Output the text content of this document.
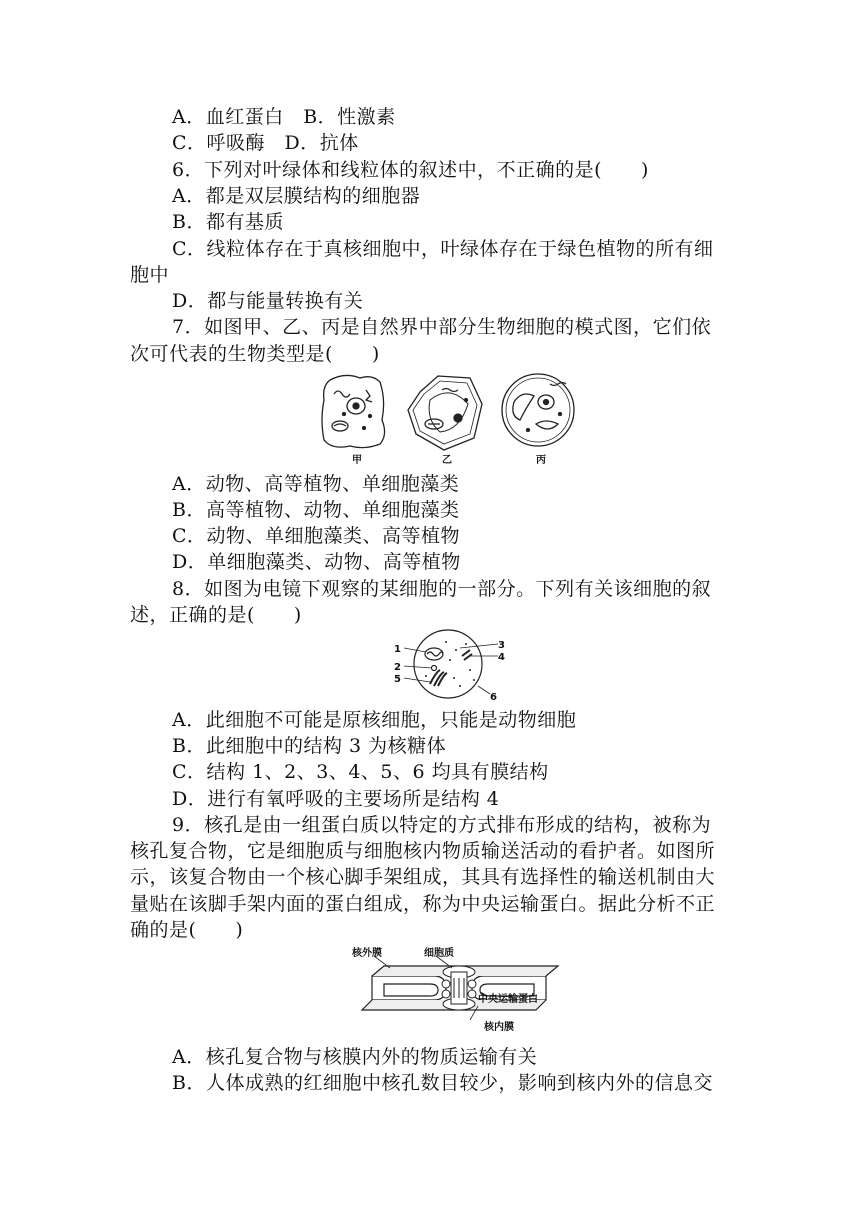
A．血红蛋白　B．性激素
C．呼吸酶　D．抗体
6．下列对叶绿体和线粒体的叙述中，不正确的是(　　)
A．都是双层膜结构的细胞器
B．都有基质
C．线粒体存在于真核细胞中，叶绿体存在于绿色植物的所有细
胞中
D．都与能量转换有关
7．如图甲、乙、丙是自然界中部分生物细胞的模式图，它们依
次可代表的生物类型是(　　)
甲	乙	丙
A．动物、高等植物、单细胞藻类
B．高等植物、动物、单细胞藻类
C．动物、单细胞藻类、高等植物
D．单细胞藻类、动物、高等植物
8．如图为电镜下观察的某细胞的一部分。下列有关该细胞的叙
述，正确的是(　　)
1
2
5
3
4
6
A．此细胞不可能是原核细胞，只能是动物细胞
B．此细胞中的结构 3 为核糖体
C．结构 1、2、3、4、5、6 均具有膜结构
D．进行有氧呼吸的主要场所是结构 4
9．核孔是由一组蛋白质以特定的方式排布形成的结构，被称为
核孔复合物，它是细胞质与细胞核内物质输送活动的看护者。如图所
示，该复合物由一个核心脚手架组成，其具有选择性的输送机制由大
量贴在该脚手架内面的蛋白组成，称为中央运输蛋白。据此分析不正
确的是(　　)
核外膜	细胞质
中央运输蛋白
核内膜
A．核孔复合物与核膜内外的物质运输有关
B．人体成熟的红细胞中核孔数目较少，影响到核内外的信息交
